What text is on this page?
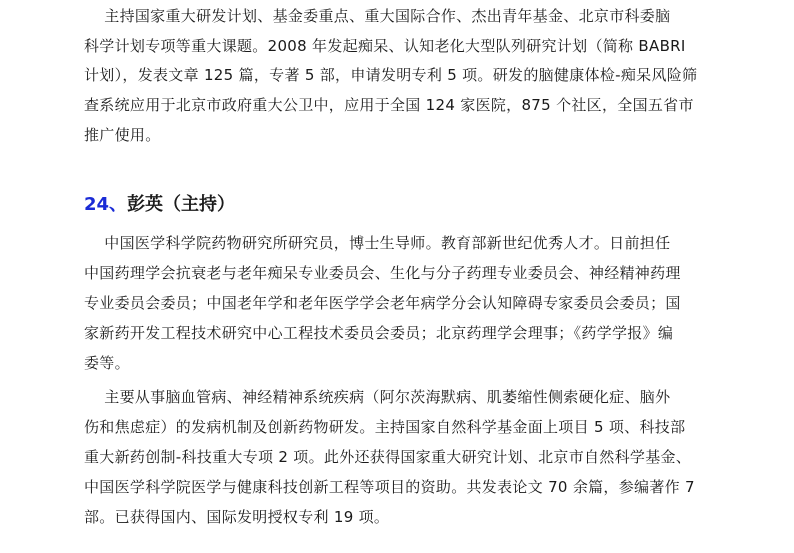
主持国家重大研发计划、基金委重点、重大国际合作、杰出青年基金、北京市科委脑
科学计划专项等重大课题。2008 年发起痴呆、认知老化大型队列研究计划（简称 BABRI
计划），发表文章 125 篇，专著 5 部，申请发明专利 5 项。研发的脑健康体检-痴呆风险筛
查系统应用于北京市政府重大公卫中，应用于全国 124 家医院，875 个社区，全国五省市
推广使用。
24、彭英（主持）
中国医学科学院药物研究所研究员，博士生导师。教育部新世纪优秀人才。日前担任
中国药理学会抗衰老与老年痴呆专业委员会、生化与分子药理专业委员会、神经精神药理
专业委员会委员；中国老年学和老年医学学会老年病学分会认知障碍专家委员会委员；国
家新药开发工程技术研究中心工程技术委员会委员；北京药理学会理事；《药学学报》编
委等。
主要从事脑血管病、神经精神系统疾病（阿尔茨海默病、肌萎缩性侧索硬化症、脑外
伤和焦虑症）的发病机制及创新药物研发。主持国家自然科学基金面上项目 5 项、科技部
重大新药创制-科技重大专项 2 项。此外还获得国家重大研究计划、北京市自然科学基金、
中国医学科学院医学与健康科技创新工程等项目的资助。共发表论文 70 余篇，参编著作 7
部。已获得国内、国际发明授权专利 19 项。
